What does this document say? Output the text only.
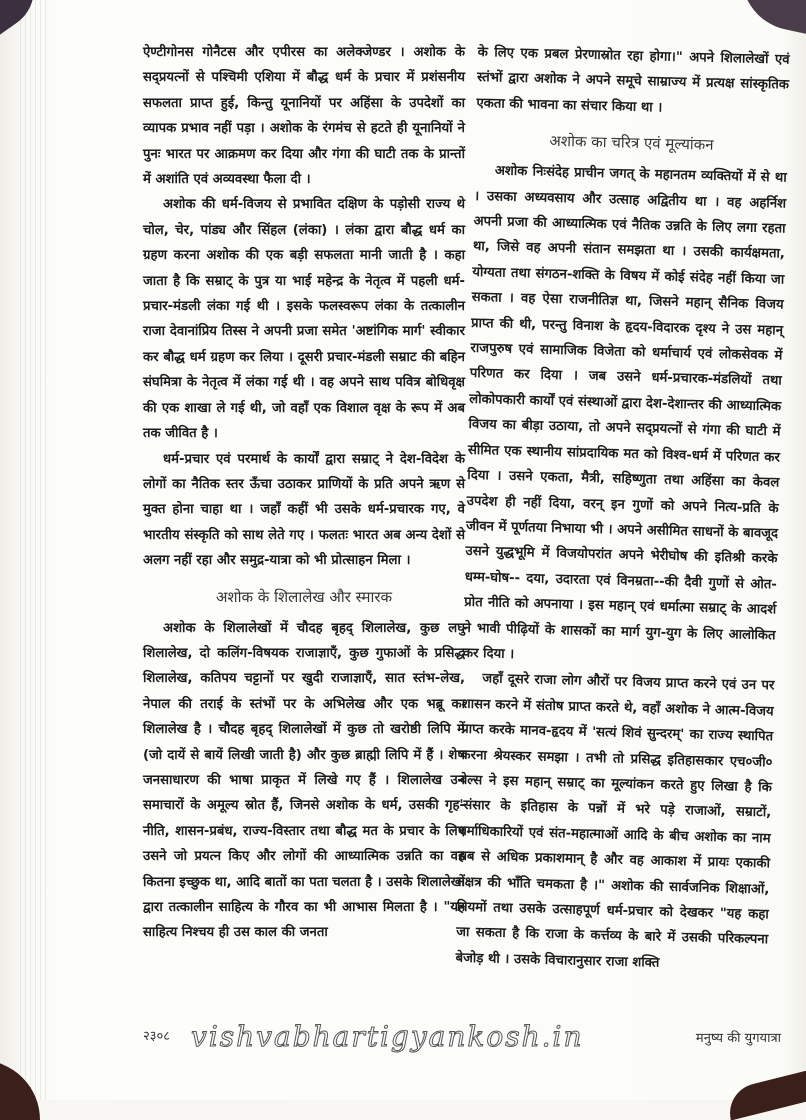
ऐण्टीगोनस गोनैटस और एपीरस का अलेक्जेण्डर । अशोक के सद्प्रयत्नों से पश्चिमी एशिया में बौद्ध धर्म के प्रचार में प्रशंसनीय सफलता प्राप्त हुई, किन्तु यूनानियों पर अहिंसा के उपदेशों का व्यापक प्रभाव नहीं पड़ा । अशोक के रंगमंच से हटते ही यूनानियों ने पुनः भारत पर आक्रमण कर दिया और गंगा की घाटी तक के प्रान्तों में अशांति एवं अव्यवस्था फैला दी ।

अशोक की धर्म-विजय से प्रभावित दक्षिण के पड़ोसी राज्य थे चोल, चेर, पांड्य और सिंहल (लंका) । लंका द्वारा बौद्ध धर्म का ग्रहण करना अशोक की एक बड़ी सफलता मानी जाती है । कहा जाता है कि सम्राट् के पुत्र या भाई महेन्द्र के नेतृत्व में पहली धर्म-प्रचार-मंडली लंका गई थी । इसके फलस्वरूप लंका के तत्कालीन राजा देवानांप्रिय तिस्स ने अपनी प्रजा समेत 'अष्टांगिक मार्ग' स्वीकार कर बौद्ध धर्म ग्रहण कर लिया । दूसरी प्रचार-मंडली सम्राट की बहिन संघमित्रा के नेतृत्व में लंका गई थी । वह अपने साथ पवित्र बोधिवृक्ष की एक शाखा ले गई थी, जो वहाँ एक विशाल वृक्ष के रूप में अब तक जीवित है ।

धर्म-प्रचार एवं परमार्थ के कार्यों द्वारा सम्राट् ने देश-विदेश के लोगों का नैतिक स्तर ऊँचा उठाकर प्राणियों के प्रति अपने ऋण से मुक्त होना चाहा था । जहाँ कहीं भी उसके धर्म-प्रचारक गए, वे भारतीय संस्कृति को साथ लेते गए । फलतः भारत अब अन्य देशों से अलग नहीं रहा और समुद्र-यात्रा को भी प्रोत्साहन मिला ।

अशोक के शिलालेख और स्मारक

अशोक के शिलालेखों में चौदह बृहद् शिलालेख, कुछ लघु शिलालेख, दो कलिंग-विषयक राजाज्ञाएँ, कुछ गुफाओं के प्रसिद्ध शिलालेख, कतिपय चट्टानों पर खुदी राजाज्ञाएँ, सात स्तंभ-लेख, नेपाल की तराई के स्तंभों पर के अभिलेख और एक भब्रू का शिलालेख है । चौदह बृहद् शिलालेखों में कुछ तो खरोष्ठी लिपि में (जो दायें से बायें लिखी जाती है) और कुछ ब्राह्मी लिपि में हैं । शेष जनसाधारण की भाषा प्राकृत में लिखे गए हैं । शिलालेख उन समाचारों के अमूल्य स्रोत हैं, जिनसे अशोक के धर्म, उसकी गृह-नीति, शासन-प्रबंध, राज्य-विस्तार तथा बौद्ध मत के प्रचार के लिए उसने जो प्रयत्न किए और लोगों की आध्यात्मिक उन्नति का वह कितना इच्छुक था, आदि बातों का पता चलता है । उसके शिलालेखों द्वारा तत्कालीन साहित्य के गौरव का भी आभास मिलता है । "यह साहित्य निश्चय ही उस काल की जनता

के लिए एक प्रबल प्रेरणास्रोत रहा होगा।" अपने शिलालेखों एवं स्तंभों द्वारा अशोक ने अपने समूचे साम्राज्य में प्रत्यक्ष सांस्कृतिक एकता की भावना का संचार किया था ।

अशोक का चरित्र एवं मूल्यांकन

अशोक निःसंदेह प्राचीन जगत् के महानतम व्यक्तियों में से था । उसका अध्यवसाय और उत्साह अद्वितीय था । वह अहर्निश अपनी प्रजा की आध्यात्मिक एवं नैतिक उन्नति के लिए लगा रहता था, जिसे वह अपनी संतान समझता था । उसकी कार्यक्षमता, योग्यता तथा संगठन-शक्ति के विषय में कोई संदेह नहीं किया जा सकता । वह ऐसा राजनीतिज्ञ था, जिसने महान् सैनिक विजय प्राप्त की थी, परन्तु विनाश के हृदय-विदारक दृश्य ने उस महान् राजपुरुष एवं सामाजिक विजेता को धर्माचार्य एवं लोकसेवक में परिणत कर दिया । जब उसने धर्म-प्रचारक-मंडलियों तथा लोकोपकारी कार्यों एवं संस्थाओं द्वारा देश-देशान्तर की आध्यात्मिक विजय का बीड़ा उठाया, तो अपने सद्प्रयत्नों से गंगा की घाटी में सीमित एक स्थानीय सांप्रदायिक मत को विश्व-धर्म में परिणत कर दिया । उसने एकता, मैत्री, सहिष्णुता तथा अहिंसा का केवल उपदेश ही नहीं दिया, वरन् इन गुणों को अपने नित्य-प्रति के जीवन में पूर्णतया निभाया भी । अपने असीमित साधनों के बावजूद उसने युद्धभूमि में विजयोपरांत अपने भेरीघोष की इतिश्री करके धम्म-घोष-- दया, उदारता एवं विनम्रता--की दैवी गुणों से ओत-प्रोत नीति को अपनाया । इस महान् एवं धर्मात्मा सम्राट् के आदर्श ने भावी पीढ़ियों के शासकों का मार्ग युग-युग के लिए आलोकित कर दिया ।

जहाँ दूसरे राजा लोग औरों पर विजय प्राप्त करने एवं उन पर शासन करने में संतोष प्राप्त करते थे, वहाँ अशोक ने आत्म-विजय प्राप्त करके मानव-हृदय में 'सत्यं शिवं सुन्दरम्' का राज्य स्थापित करना श्रेयस्कर समझा । तभी तो प्रसिद्ध इतिहासकार एच०जी० वेल्स ने इस महान् सम्राट् का मूल्यांकन करते हुए लिखा है कि 'संसार के इतिहास के पन्नों में भरे पड़े राजाओं, सम्राटों, धर्माधिकारियों एवं संत-महात्माओं आदि के बीच अशोक का नाम सब से अधिक प्रकाशमान् है और वह आकाश में प्रायः एकाकी नक्षत्र की भाँति चमकता है ।" अशोक की सार्वजनिक शिक्षाओं, नियमों तथा उसके उत्साहपूर्ण धर्म-प्रचार को देखकर "यह कहा जा सकता है कि राजा के कर्त्तव्य के बारे में उसकी परिकल्पना बेजोड़ थी । उसके विचारानुसार राजा शक्ति

२३०८ vishvabhartigyankosh.in	मनुष्य की युगयात्रा
